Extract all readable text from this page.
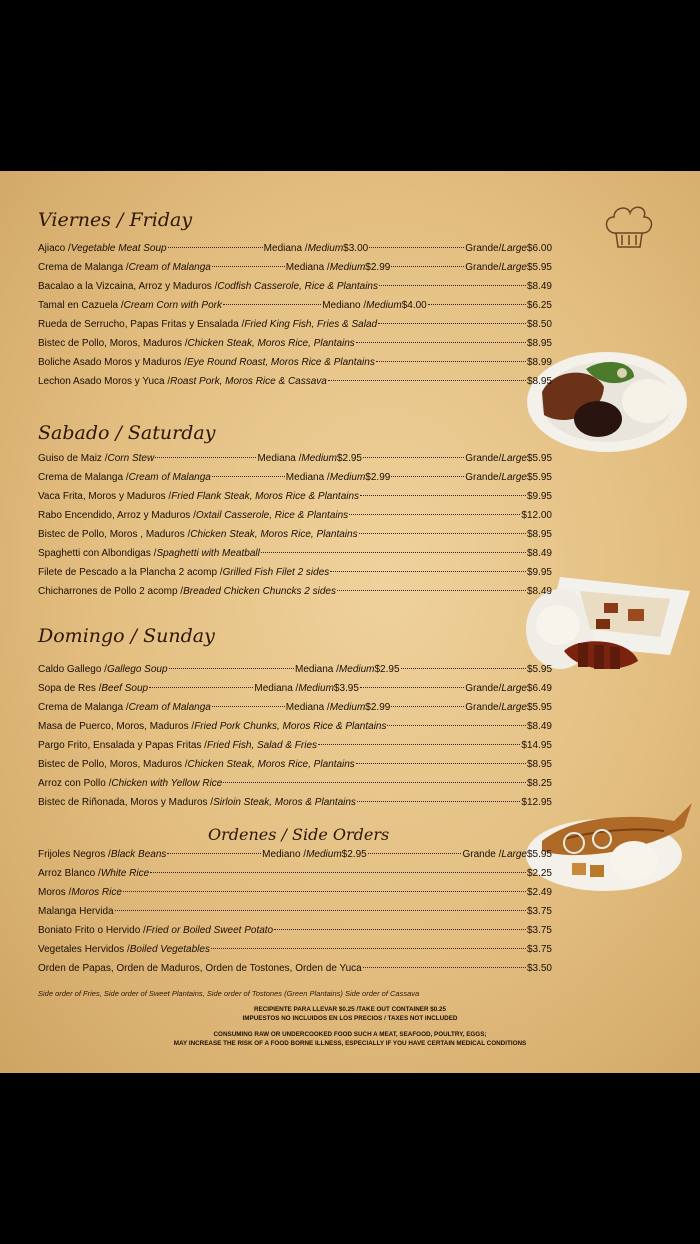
Viernes / Friday
Sabado / Saturday
Domingo / Sunday
Ordenes / Side Orders
Side order of Fries, Side order of Sweet Plantains, Side order of Tostones (Green Plantains) Side order of Cassava
RECIPIENTE PARA LLEVAR $0.25 /TAKE OUT CONTAINER $0.25
IMPUESTOS NO INCLUIDOS EN LOS PRECIOS / TAXES NOT INCLUDED
CONSUMING RAW OR UNDERCOOKED FOOD SUCH A MEAT, SEAFOOD, POULTRY, EGGS;
MAY INCREASE THE RISK OF A FOOD BORNE ILLNESS, ESPECIALLY IF YOU HAVE CERTAIN MEDICAL CONDITIONS
Ajiaco / Vegetable Meat Soup	Mediana / Medium $3.00	Grande/ Large $6.00
Crema de Malanga / Cream of Malanga	Mediana / Medium $2.99	Grande/ Large $5.95
Bacalao a la Vizcaina, Arroz y Maduros / Codfish Casserole, Rice & Plantains	$8.49
Tamal en Cazuela / Cream Corn with Pork	Mediano / Medium $4.00	$6.25
Rueda de Serrucho, Papas Fritas y Ensalada / Fried King Fish, Fries & Salad	$8.50
Bistec de Pollo, Moros, Maduros / Chicken Steak, Moros Rice, Plantains	$8.95
Boliche Asado Moros y Maduros / Eye Round Roast, Moros Rice & Plantains	$8.99
Lechon Asado Moros y Yuca / Roast Pork, Moros Rice & Cassava	$8.95
Guiso de Maiz / Corn Stew	Mediana / Medium $2.95	Grande/ Large $5.95
Crema de Malanga / Cream of Malanga	Mediana / Medium $2.99	Grande/ Large $5.95
Vaca Frita, Moros y Maduros / Fried Flank Steak, Moros Rice & Plantains	$9.95
Rabo Encendido, Arroz y Maduros / Oxtail Casserole, Rice & Plantains	$12.00
Bistec de Pollo, Moros , Maduros / Chicken Steak, Moros Rice, Plantains	$8.95
Spaghetti con Albondigas / Spaghetti with Meatball	$8.49
Filete de Pescado a la Plancha 2 acomp / Grilled Fish Filet 2 sides	$9.95
Chicharrones de Pollo 2 acomp / Breaded Chicken Chuncks 2 sides	$8.49
Caldo Gallego / Gallego Soup	Mediana / Medium $2.95	$5.95
Sopa de Res / Beef Soup	Mediana / Medium $3.95	Grande/ Large $6.49
Crema de Malanga / Cream of Malanga	Mediana / Medium $2.99	Grande/ Large $5.95
Masa de Puerco, Moros, Maduros / Fried Pork Chunks, Moros Rice & Plantains	$8.49
Pargo Frito, Ensalada y Papas Fritas / Fried Fish, Salad & Fries	$14.95
Bistec de Pollo, Moros, Maduros / Chicken Steak, Moros Rice, Plantains	$8.95
Arroz con Pollo / Chicken with Yellow Rice	$8.25
Bistec de Riñonada, Moros y Maduros / Sirloin Steak, Moros & Plantains	$12.95
Frijoles Negros / Black Beans	Mediano / Medium $2.95	Grande / Large $5.95
Arroz Blanco / White Rice	$2.25
Moros / Moros Rice	$2.49
Malanga Hervida	$3.75
Boniato Frito o Hervido / Fried or Boiled Sweet Potato	$3.75
Vegetales Hervidos / Boiled Vegetables	$3.75
Orden de Papas, Orden de Maduros, Orden de Tostones, Orden de Yuca	$3.50
